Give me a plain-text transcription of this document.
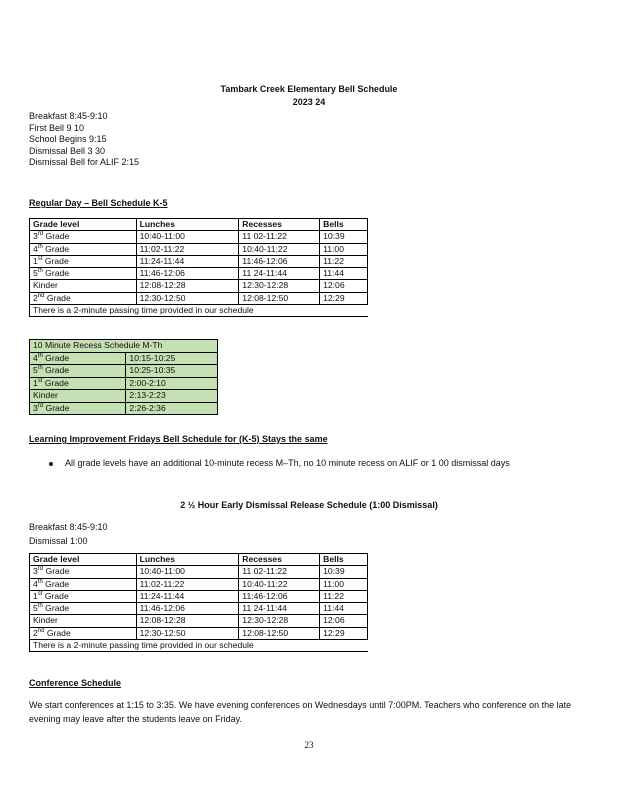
Tambark Creek Elementary Bell Schedule
2023 24
Breakfast 8:45-9:10
First Bell 9 10
School Begins 9:15
Dismissal Bell 3 30
Dismissal Bell for ALIF 2:15
Regular Day – Bell Schedule K-5
Grade level	Lunches	Recesses	Bells
3rd Grade	10:40-11:00	11 02-11:22	10:39
4th Grade	11:02-11:22	10:40-11:22	11:00
1st Grade	11:24-11:44	11:46-12:06	11:22
5th Grade	11:46-12:06	11 24-11:44	11:44
Kinder	12:08-12:28	12:30-12:28	12:06
2nd Grade	12:30-12:50	12:08-12:50	12:29
There is a 2-minute passing time provided in our schedule			
10 Minute Recess Schedule M-Th	
4th Grade	10:15-10:25
5th Grade	10:25-10:35
1st Grade	2:00-2:10
Kinder	2:13-2:23
3rd Grade	2:26-2:36
Learning Improvement Fridays Bell Schedule for (K-5) Stays the same
All grade levels have an additional 10-minute recess M–Th, no 10 minute recess on ALIF or 1 00 dismissal days
2 ½ Hour Early Dismissal Release Schedule (1:00 Dismissal)
Breakfast 8:45-9:10
Dismissal 1:00
Grade level	Lunches	Recesses	Bells
3rd Grade	10:40-11:00	11 02-11:22	10:39
4th Grade	11:02-11:22	10:40-11:22	11:00
1st Grade	11:24-11:44	11:46-12:06	11:22
5th Grade	11:46-12:06	11 24-11:44	11:44
Kinder	12:08-12:28	12:30-12:28	12:06
2nd Grade	12:30-12:50	12:08-12:50	12:29
There is a 2-minute passing time provided in our schedule			
Conference Schedule
We start conferences at 1:15 to 3:35. We have evening conferences on Wednesdays until 7:00PM. Teachers who conference on the late evening may leave after the students leave on Friday.
23
